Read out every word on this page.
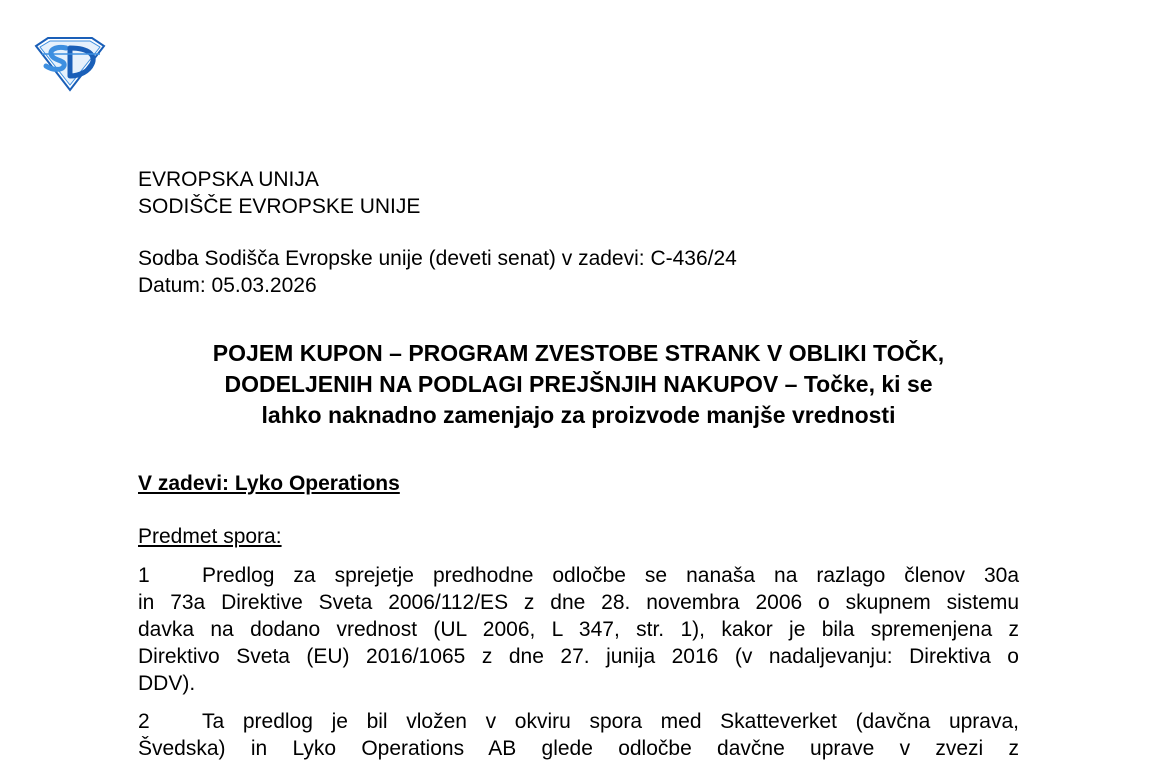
EVROPSKA UNIJA
SODIŠČE EVROPSKE UNIJE
Sodba Sodišča Evropske unije (deveti senat) v zadevi: C-436/24
Datum: 05.03.2026
POJEM KUPON – PROGRAM ZVESTOBE STRANK V OBLIKI TOČK,
DODELJENIH NA PODLAGI PREJŠNJIH NAKUPOV – Točke, ki se
lahko naknadno zamenjajo za proizvode manjše vrednosti
V zadevi: Lyko Operations
Predmet spora:
1 Predlog za sprejetje predhodne odločbe se nanaša na razlago členov 30a
in 73a Direktive Sveta 2006/112/ES z dne 28. novembra 2006 o skupnem sistemu
davka na dodano vrednost (UL 2006, L 347, str. 1), kakor je bila spremenjena z
Direktivo Sveta (EU) 2016/1065 z dne 27. junija 2016 (v nadaljevanju: Direktiva o
DDV).
2 Ta predlog je bil vložen v okviru spora med Skatteverket (davčna uprava,
Švedska) in Lyko Operations AB glede odločbe davčne uprave v zvezi z
